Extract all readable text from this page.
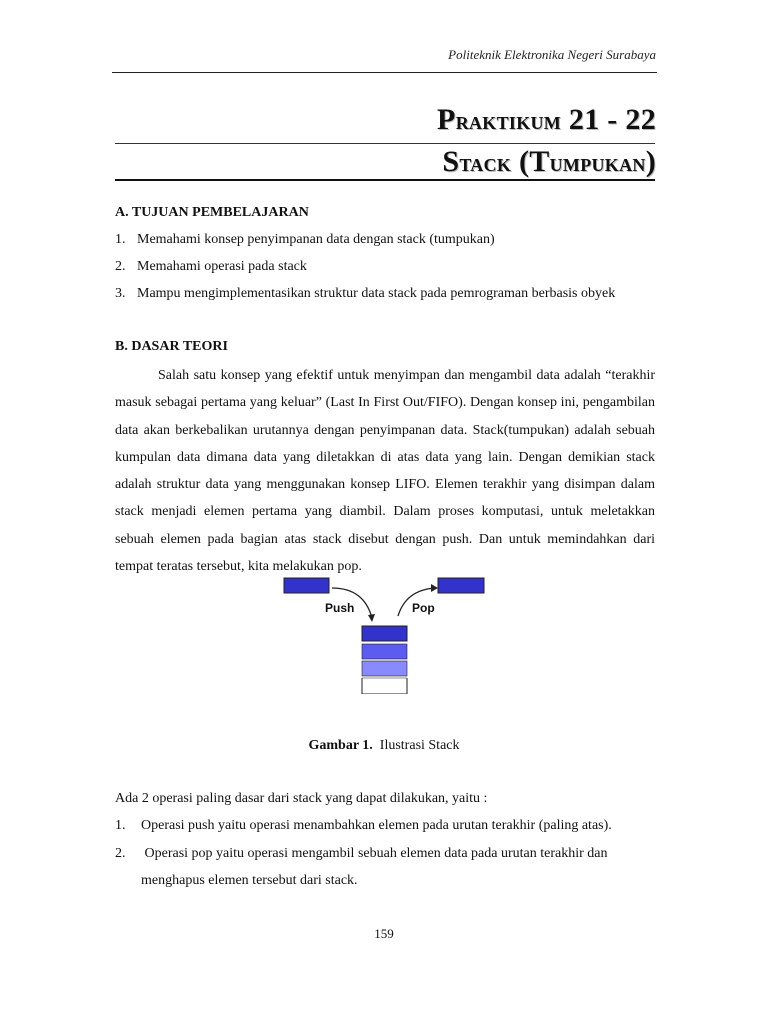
Politeknik Elektronika Negeri Surabaya
Praktikum 21 - 22
Stack (Tumpukan)
A. TUJUAN PEMBELAJARAN
1. Memahami konsep penyimpanan data dengan stack (tumpukan)
2. Memahami operasi pada stack
3. Mampu mengimplementasikan struktur data stack pada pemrograman berbasis obyek
B. DASAR TEORI
Salah satu konsep yang efektif untuk menyimpan dan mengambil data adalah “terakhir masuk sebagai pertama yang keluar” (Last In First Out/FIFO). Dengan konsep ini, pengambilan data akan berkebalikan urutannya dengan penyimpanan data. Stack(tumpukan) adalah sebuah kumpulan data dimana data yang diletakkan di atas data yang lain. Dengan demikian stack adalah struktur data yang menggunakan konsep LIFO. Elemen terakhir yang disimpan dalam stack menjadi elemen pertama yang diambil. Dalam proses komputasi, untuk meletakkan sebuah elemen pada bagian atas stack disebut dengan push. Dan untuk memindahkan dari tempat teratas tersebut, kita melakukan pop.
Push	Pop
Gambar 1. Ilustrasi Stack
Ada 2 operasi paling dasar dari stack yang dapat dilakukan, yaitu :
1. Operasi push yaitu operasi menambahkan elemen pada urutan terakhir (paling atas).
2. Operasi pop yaitu operasi mengambil sebuah elemen data pada urutan terakhir dan
menghapus elemen tersebut dari stack.
159
